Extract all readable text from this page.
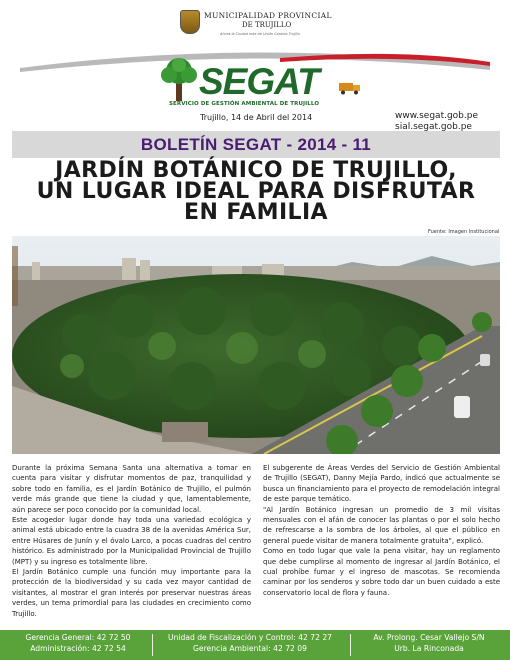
MUNICIPALIDAD PROVINCIAL
DE TRUJILLO
Ahora la Ciudad más de Unión Cambia Trujillo
SEGAT
SERVICIO DE GESTIÓN AMBIENTAL DE TRUJILLO
Trujillo, 14 de Abril del 2014	www.segat.gob.pe
sial.segat.gob.pe
BOLETÍN SEGAT - 2014 - 11
JARDÍN BOTÁNICO DE TRUJILLO,
UN LUGAR IDEAL PARA DISFRUTAR
EN FAMILIA
Fuente: Imagen Institucional

Durante la próxima Semana Santa una alternativa a tomar en cuenta para visitar y disfrutar momentos de paz, tranquilidad y sobre todo en familia, es el Jardín Botánico de Trujillo, el pulmón verde más grande que tiene la ciudad y que, lamentablemente, aún parece ser poco conocido por la comunidad local.

Este acogedor lugar donde hay toda una variedad ecológica y animal está ubicado entre la cuadra 38 de la avenidas América Sur, entre Húsares de Junín y el óvalo Larco, a pocas cuadras del centro histórico. Es administrado por la Municipalidad Provincial de Trujillo (MPT) y su ingreso es totalmente libre.

El Jardín Botánico cumple una función muy importante para la protección de la biodiversidad y su cada vez mayor cantidad de visitantes, al mostrar el gran interés por preservar nuestras áreas verdes, un tema primordial para las ciudades en crecimiento como Trujillo.

El subgerente de Áreas Verdes del Servicio de Gestión Ambiental de Trujillo (SEGAT), Danny Mejía Pardo, indicó que actualmente se busca un financiamiento para el proyecto de remodelación integral de este parque temático.

"Al Jardín Botánico ingresan un promedio de 3 mil visitas mensuales con el afán de conocer las plantas o por el solo hecho de refrescarse a la sombra de los árboles, al que el público en general puede visitar de manera totalmente gratuita", explicó.

Como en todo lugar que vale la pena visitar, hay un reglamento que debe cumplirse al momento de ingresar al Jardín Botánico, el cual prohíbe fumar y el ingreso de mascotas. Se recomienda caminar por los senderos y sobre todo dar un buen cuidado a este conservatorio local de flora y fauna.

Gerencia General: 42 72 50
Administración: 42 72 54
Unidad de Fiscalización y Control: 42 72 27
Gerencia Ambiental: 42 72 09
Av. Prolong. Cesar Vallejo S/N
Urb. La Rinconada
